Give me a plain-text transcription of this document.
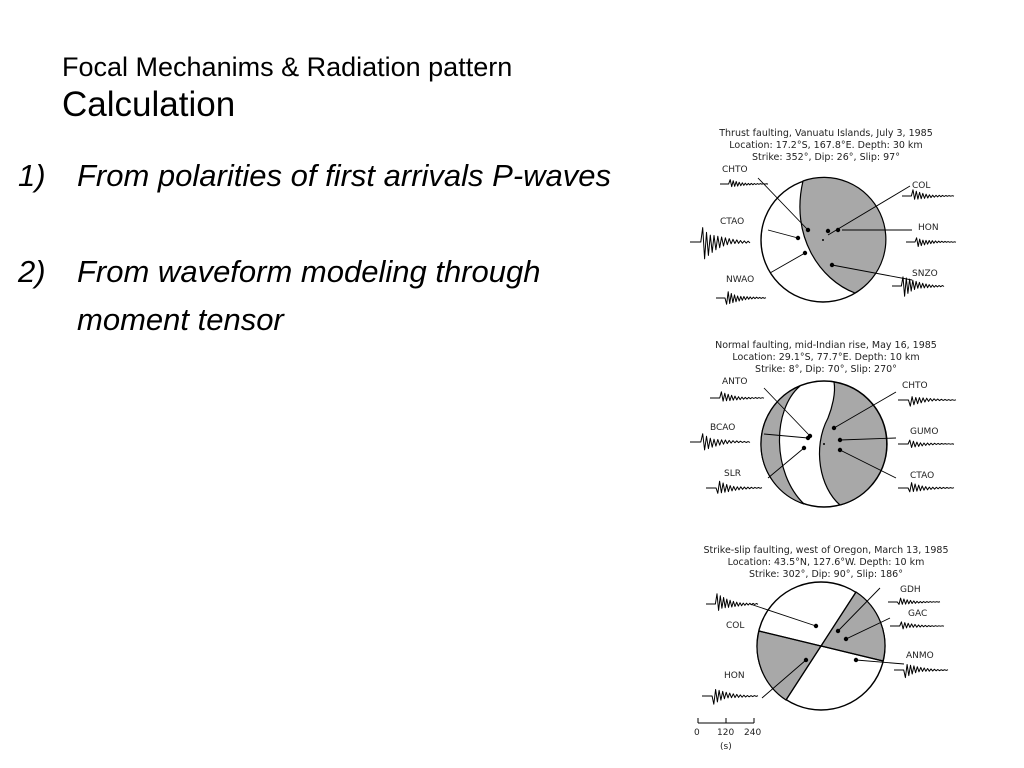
Focal Mechanims & Radiation pattern
Calculation
1) From polarities of first arrivals P-waves
2) From waveform modeling through moment tensor
Thrust faulting, Vanuatu Islands, July 3, 1985
Location: 17.2°S, 167.8°E. Depth: 30 km
Strike: 352°, Dip: 26°, Slip: 97°
CHTO
CTAO
NWAO
COL
HON
SNZO
Normal faulting, mid-Indian rise, May 16, 1985
Location: 29.1°S, 77.7°E. Depth: 10 km
Strike: 8°, Dip: 70°, Slip: 270°
ANTO
BCAO
SLR
CHTO
GUMO
CTAO
Strike-slip faulting, west of Oregon, March 13, 1985
Location: 43.5°N, 127.6°W. Depth: 10 km
Strike: 302°, Dip: 90°, Slip: 186°
COL
HON
GDH
GAC
ANMO
0 120 240
(s)
